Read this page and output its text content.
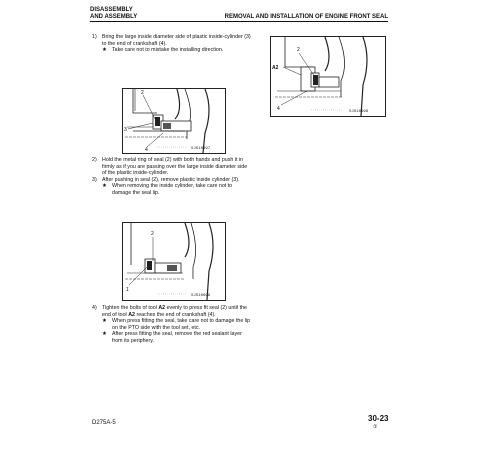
DISASSEMBLY
AND ASSEMBLY	REMOVAL AND INSTALLATION OF ENGINE FRONT SEAL

1) Bring the large inside diameter side of plastic inside-cylinder (3) to the end of crankshaft (4).

★ Take care not to mistake the installing direction.

2
3
4	SJS10697
2
A2
4	SJS10698

2) Hold the metal ring of seal (2) with both hands and push it in firmly as if you are passing over the large inside diameter side of the plastic inside-cylinder.

3) After pushing in seal (2), remove plastic inside cylinder (3).

★ When removing the inside cylinder, take care not to damage the seal lip.

2
1
SJS10699

4) Tighten the bolts of tool A2 evenly to press fit seal (2) until the end of tool A2 reaches the end of crankshaft (4).

★ When press fitting the seal, take care not to damage the lip on the PTO side with the tool set, etc.

★ After press fitting the seal, remove the red sealant layer from its periphery.

D275A-5	30-23
①
